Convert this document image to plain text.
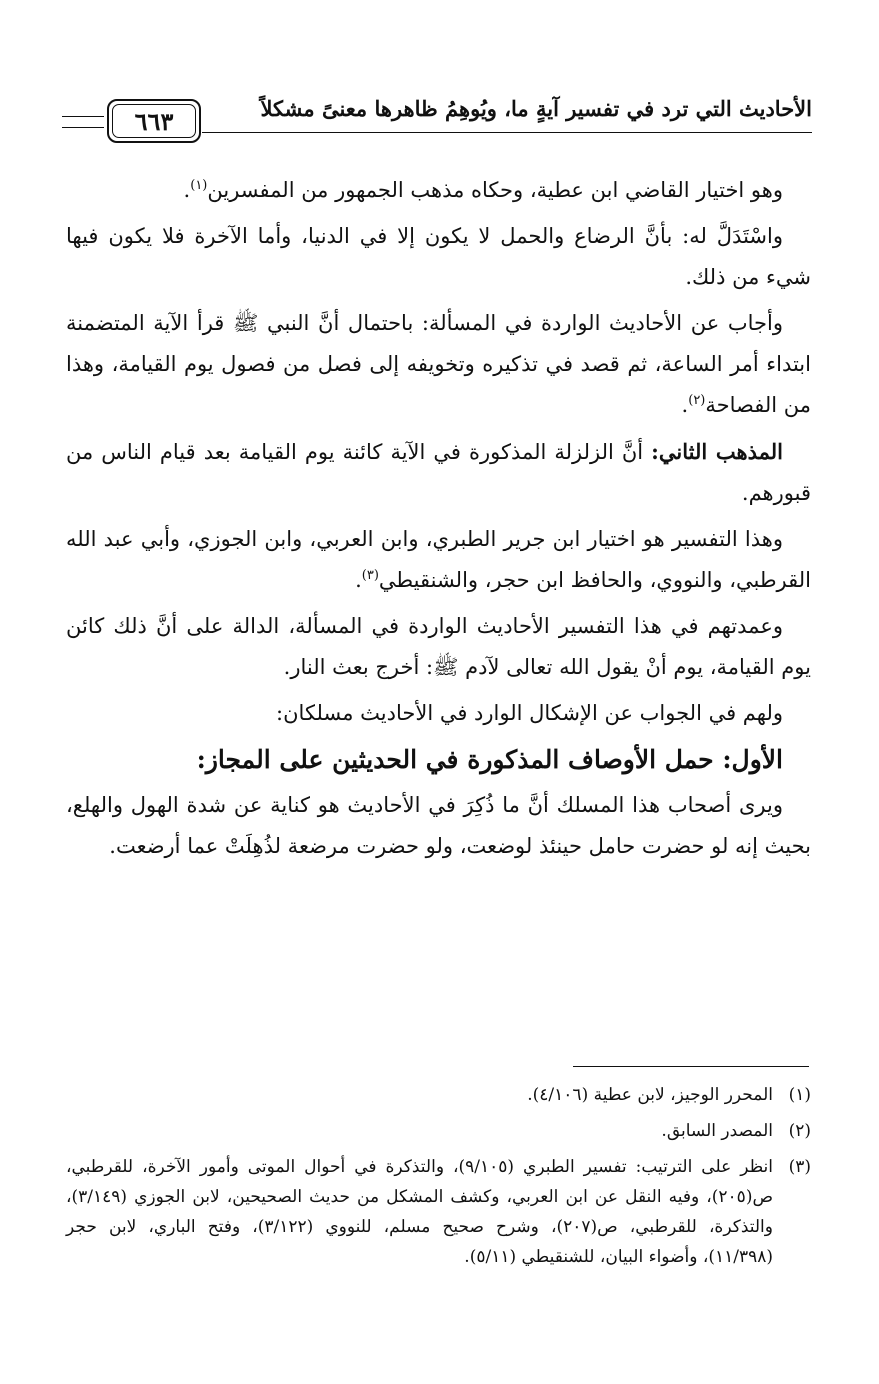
الأحاديث التي ترد في تفسير آيةٍ ما، ويُوهِمُ ظاهرها معنىً مشكلاً
٦٦٣

وهو اختيار القاضي ابن عطية، وحكاه مذهب الجمهور من المفسرين$^{(١)}$.

واسْتَدَلَّ له: بأنَّ الرضاع والحمل لا يكون إلا في الدنيا، وأما الآخرة فلا يكون فيها شيء من ذلك.

وأجاب عن الأحاديث الواردة في المسألة: باحتمال أنَّ النبي ﷺ قرأ الآية المتضمنة ابتداء أمر الساعة، ثم قصد في تذكيره وتخويفه إلى فصل من فصول يوم القيامة، وهذا من الفصاحة$^{(٢)}$.

المذهب الثاني: أنَّ الزلزلة المذكورة في الآية كائنة يوم القيامة بعد قيام الناس من قبورهم.

وهذا التفسير هو اختيار ابن جرير الطبري، وابن العربي، وابن الجوزي، وأبي عبد الله القرطبي، والنووي، والحافظ ابن حجر، والشنقيطي$^{(٣)}$.

وعمدتهم في هذا التفسير الأحاديث الواردة في المسألة، الدالة على أنَّ ذلك كائن يوم القيامة، يوم أنْ يقول الله تعالى لآدم ﷺ: أخرج بعث النار.

ولهم في الجواب عن الإشكال الوارد في الأحاديث مسلكان:

الأول: حمل الأوصاف المذكورة في الحديثين على المجاز:

ويرى أصحاب هذا المسلك أنَّ ما ذُكِرَ في الأحاديث هو كناية عن شدة الهول والهلع، بحيث إنه لو حضرت حامل حينئذ لوضعت، ولو حضرت مرضعة لذُهِلَتْ عما أرضعت.

(١)
المحرر الوجيز، لابن عطية (٤/١٠٦).
(٢)
المصدر السابق.
(٣)
انظر على الترتيب: تفسير الطبري (٩/١٠٥)، والتذكرة في أحوال الموتى وأمور الآخرة، للقرطبي، ص(٢٠٥)، وفيه النقل عن ابن العربي، وكشف المشكل من حديث الصحيحين، لابن الجوزي (٣/١٤٩)، والتذكرة، للقرطبي، ص(٢٠٧)، وشرح صحيح مسلم، للنووي (٣/١٢٢)، وفتح الباري، لابن حجر (١١/٣٩٨)، وأضواء البيان، للشنقيطي (٥/١١).
